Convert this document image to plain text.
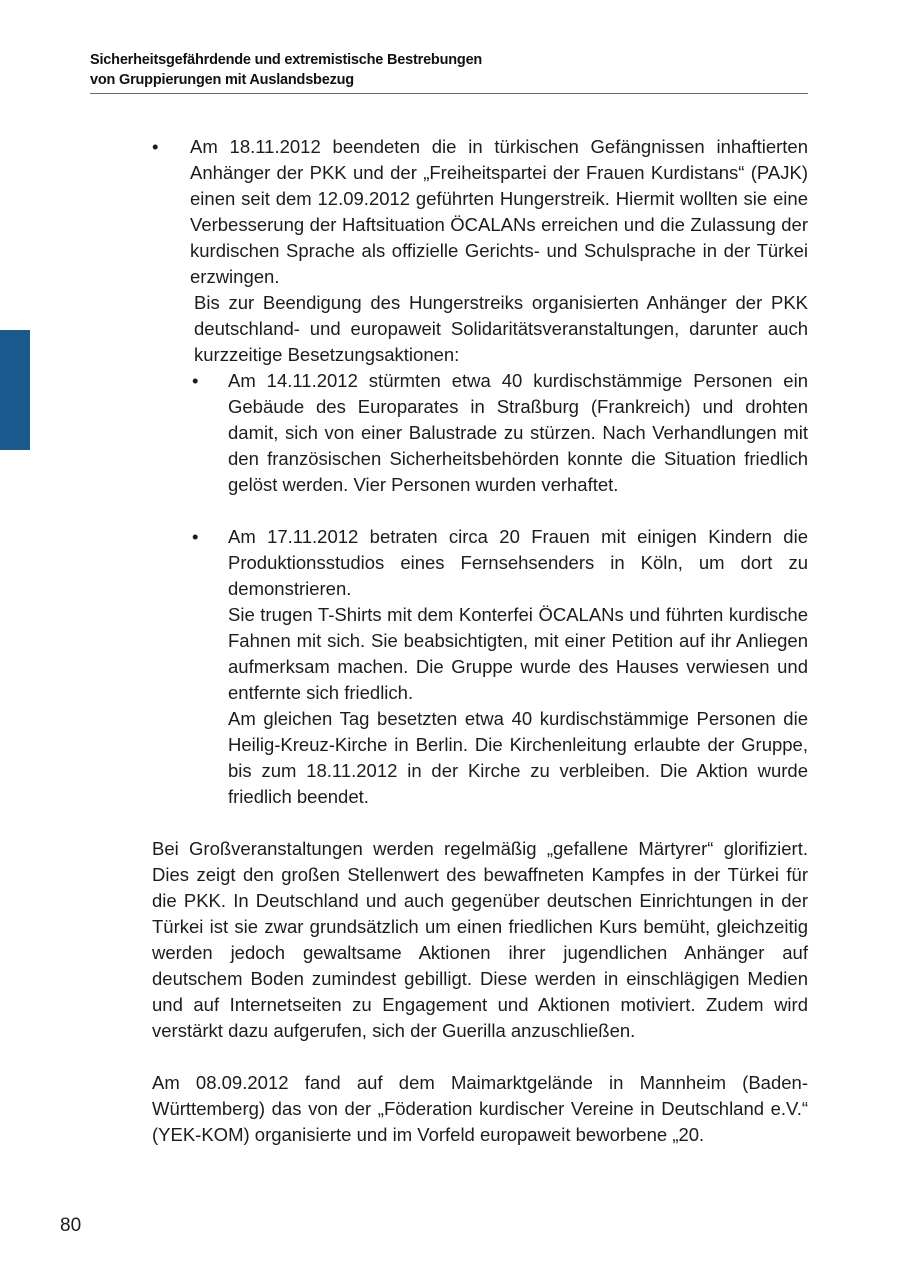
Sicherheitsgefährdende und extremistische Bestrebungen
von Gruppierungen mit Auslandsbezug
• Am 18.11.2012 beendeten die in türkischen Gefängnissen inhaftierten Anhänger der PKK und der „Freiheitspartei der Frauen Kurdistans“ (PAJK) einen seit dem 12.09.2012 geführten Hungerstreik. Hiermit wollten sie eine Verbesserung der Haftsituation ÖCALANs erreichen und die Zulassung der kurdischen Sprache als offizielle Gerichts- und Schulsprache in der Türkei erzwingen.

Bis zur Beendigung des Hungerstreiks organisierten Anhänger der PKK deutschland- und europaweit Solidaritätsveranstaltungen, darunter auch kurzzeitige Besetzungsaktionen:

• Am 14.11.2012 stürmten etwa 40 kurdischstämmige Personen ein Gebäude des Europarates in Straßburg (Frankreich) und drohten damit, sich von einer Balustrade zu stürzen. Nach Verhandlungen mit den französischen Sicherheitsbehörden konnte die Situation friedlich gelöst werden. Vier Personen wurden verhaftet.

• Am 17.11.2012 betraten circa 20 Frauen mit einigen Kindern die Produktionsstudios eines Fernsehsenders in Köln, um dort zu demonstrieren.

Sie trugen T-Shirts mit dem Konterfei ÖCALANs und führten kurdische Fahnen mit sich. Sie beabsichtigten, mit einer Petition auf ihr Anliegen aufmerksam machen. Die Gruppe wurde des Hauses verwiesen und entfernte sich friedlich.

Am gleichen Tag besetzten etwa 40 kurdischstämmige Personen die Heilig-Kreuz-Kirche in Berlin. Die Kirchenleitung erlaubte der Gruppe, bis zum 18.11.2012 in der Kirche zu verbleiben. Die Aktion wurde friedlich beendet.

Bei Großveranstaltungen werden regelmäßig „gefallene Märtyrer“ glorifiziert. Dies zeigt den großen Stellenwert des bewaffneten Kampfes in der Türkei für die PKK. In Deutschland und auch gegenüber deutschen Einrichtungen in der Türkei ist sie zwar grundsätzlich um einen friedlichen Kurs bemüht, gleichzeitig werden jedoch gewaltsame Aktionen ihrer jugendlichen Anhänger auf deutschem Boden zumindest gebilligt. Diese werden in einschlägigen Medien und auf Internetseiten zu Engagement und Aktionen motiviert. Zudem wird verstärkt dazu aufgerufen, sich der Guerilla anzuschließen.

Am 08.09.2012 fand auf dem Maimarktgelände in Mannheim (Baden-Württemberg) das von der „Föderation kurdischer Vereine in Deutschland e.V.“ (YEK-KOM) organisierte und im Vorfeld europaweit beworbene „20.

80
